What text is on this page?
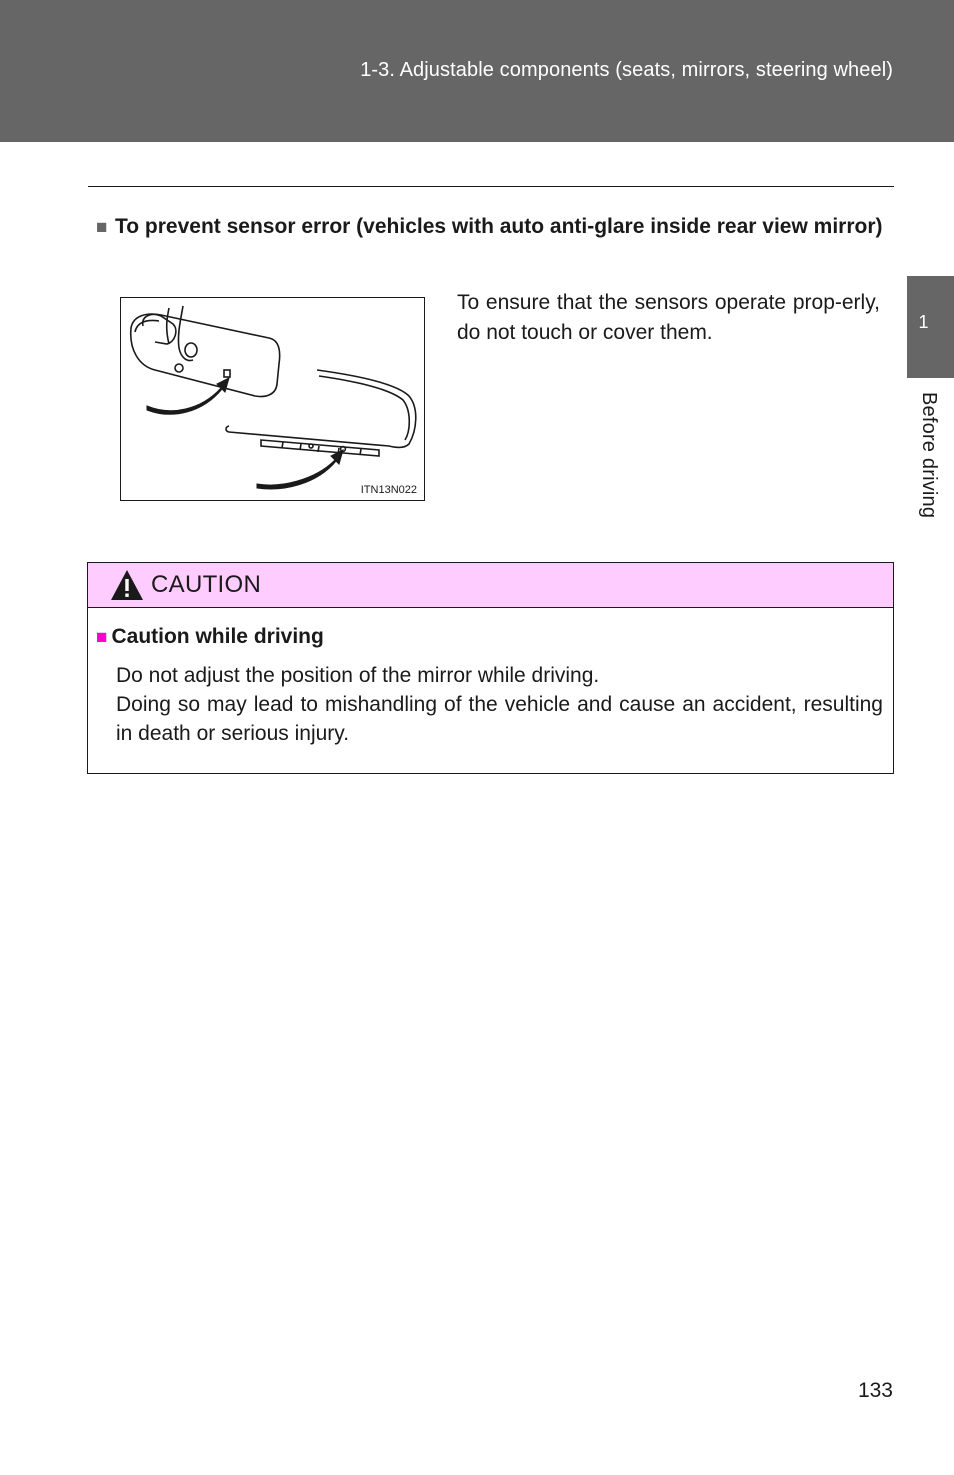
1-3. Adjustable components (seats, mirrors, steering wheel)
1
Before driving
■ To prevent sensor error (vehicles with auto anti-glare inside rear view mirror)
ITN13N022
To ensure that the sensors operate prop-erly, do not touch or cover them.
CAUTION
■ Caution while driving

Do not adjust the position of the mirror while driving.

Doing so may lead to mishandling of the vehicle and cause an accident, resulting in death or serious injury.

133
